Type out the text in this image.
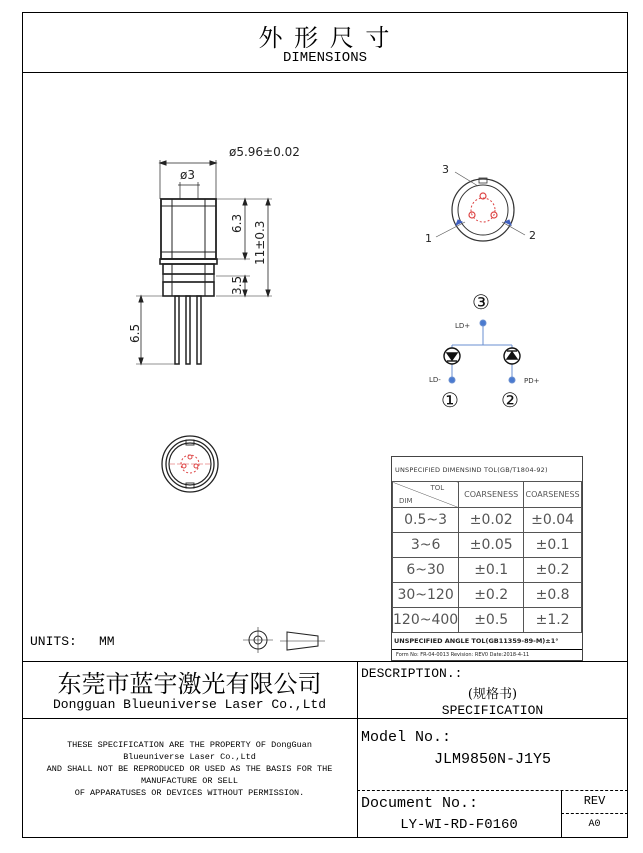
外 形 尺 寸
DIMENSIONS
ø5.96±0.02
ø3
6.3 11±0.3
3.5
6.5
3
1	2
③
LD+
LD-	PD+
① ②
UNSPECIFIED DIMENSIND TOL(GB/T1804-92)
TOL
DIM	COARSENESS	COARSENESS
0.5~3	±0.02	±0.04
3~6	±0.05	±0.1
6~30	±0.1	±0.2
30~120	±0.2	±0.8
120~400	±0.5	±1.2
UNSPECIFIED ANGLE TOL(GB11359-89-M)±1°
Form No: FR-04-0013 Revision: REV0 Date:2018-4-11
UNITS: MM
东莞市蓝宇激光有限公司
Dongguan Blueuniverse Laser Co.,Ltd
DESCRIPTION.:
(规格书)
SPECIFICATION
THESE SPECIFICATION ARE THE PROPERTY OF DongGuan
Blueuniverse Laser Co.,Ltd
AND SHALL NOT BE REPRODUCED OR USED AS THE BASIS FOR THE
MANUFACTURE OR SELL
OF APPARATUSES OR DEVICES WITHOUT PERMISSION.
Model No.:
JLM9850N-J1Y5
Document No.:
LY-WI-RD-F0160
REV
A0
